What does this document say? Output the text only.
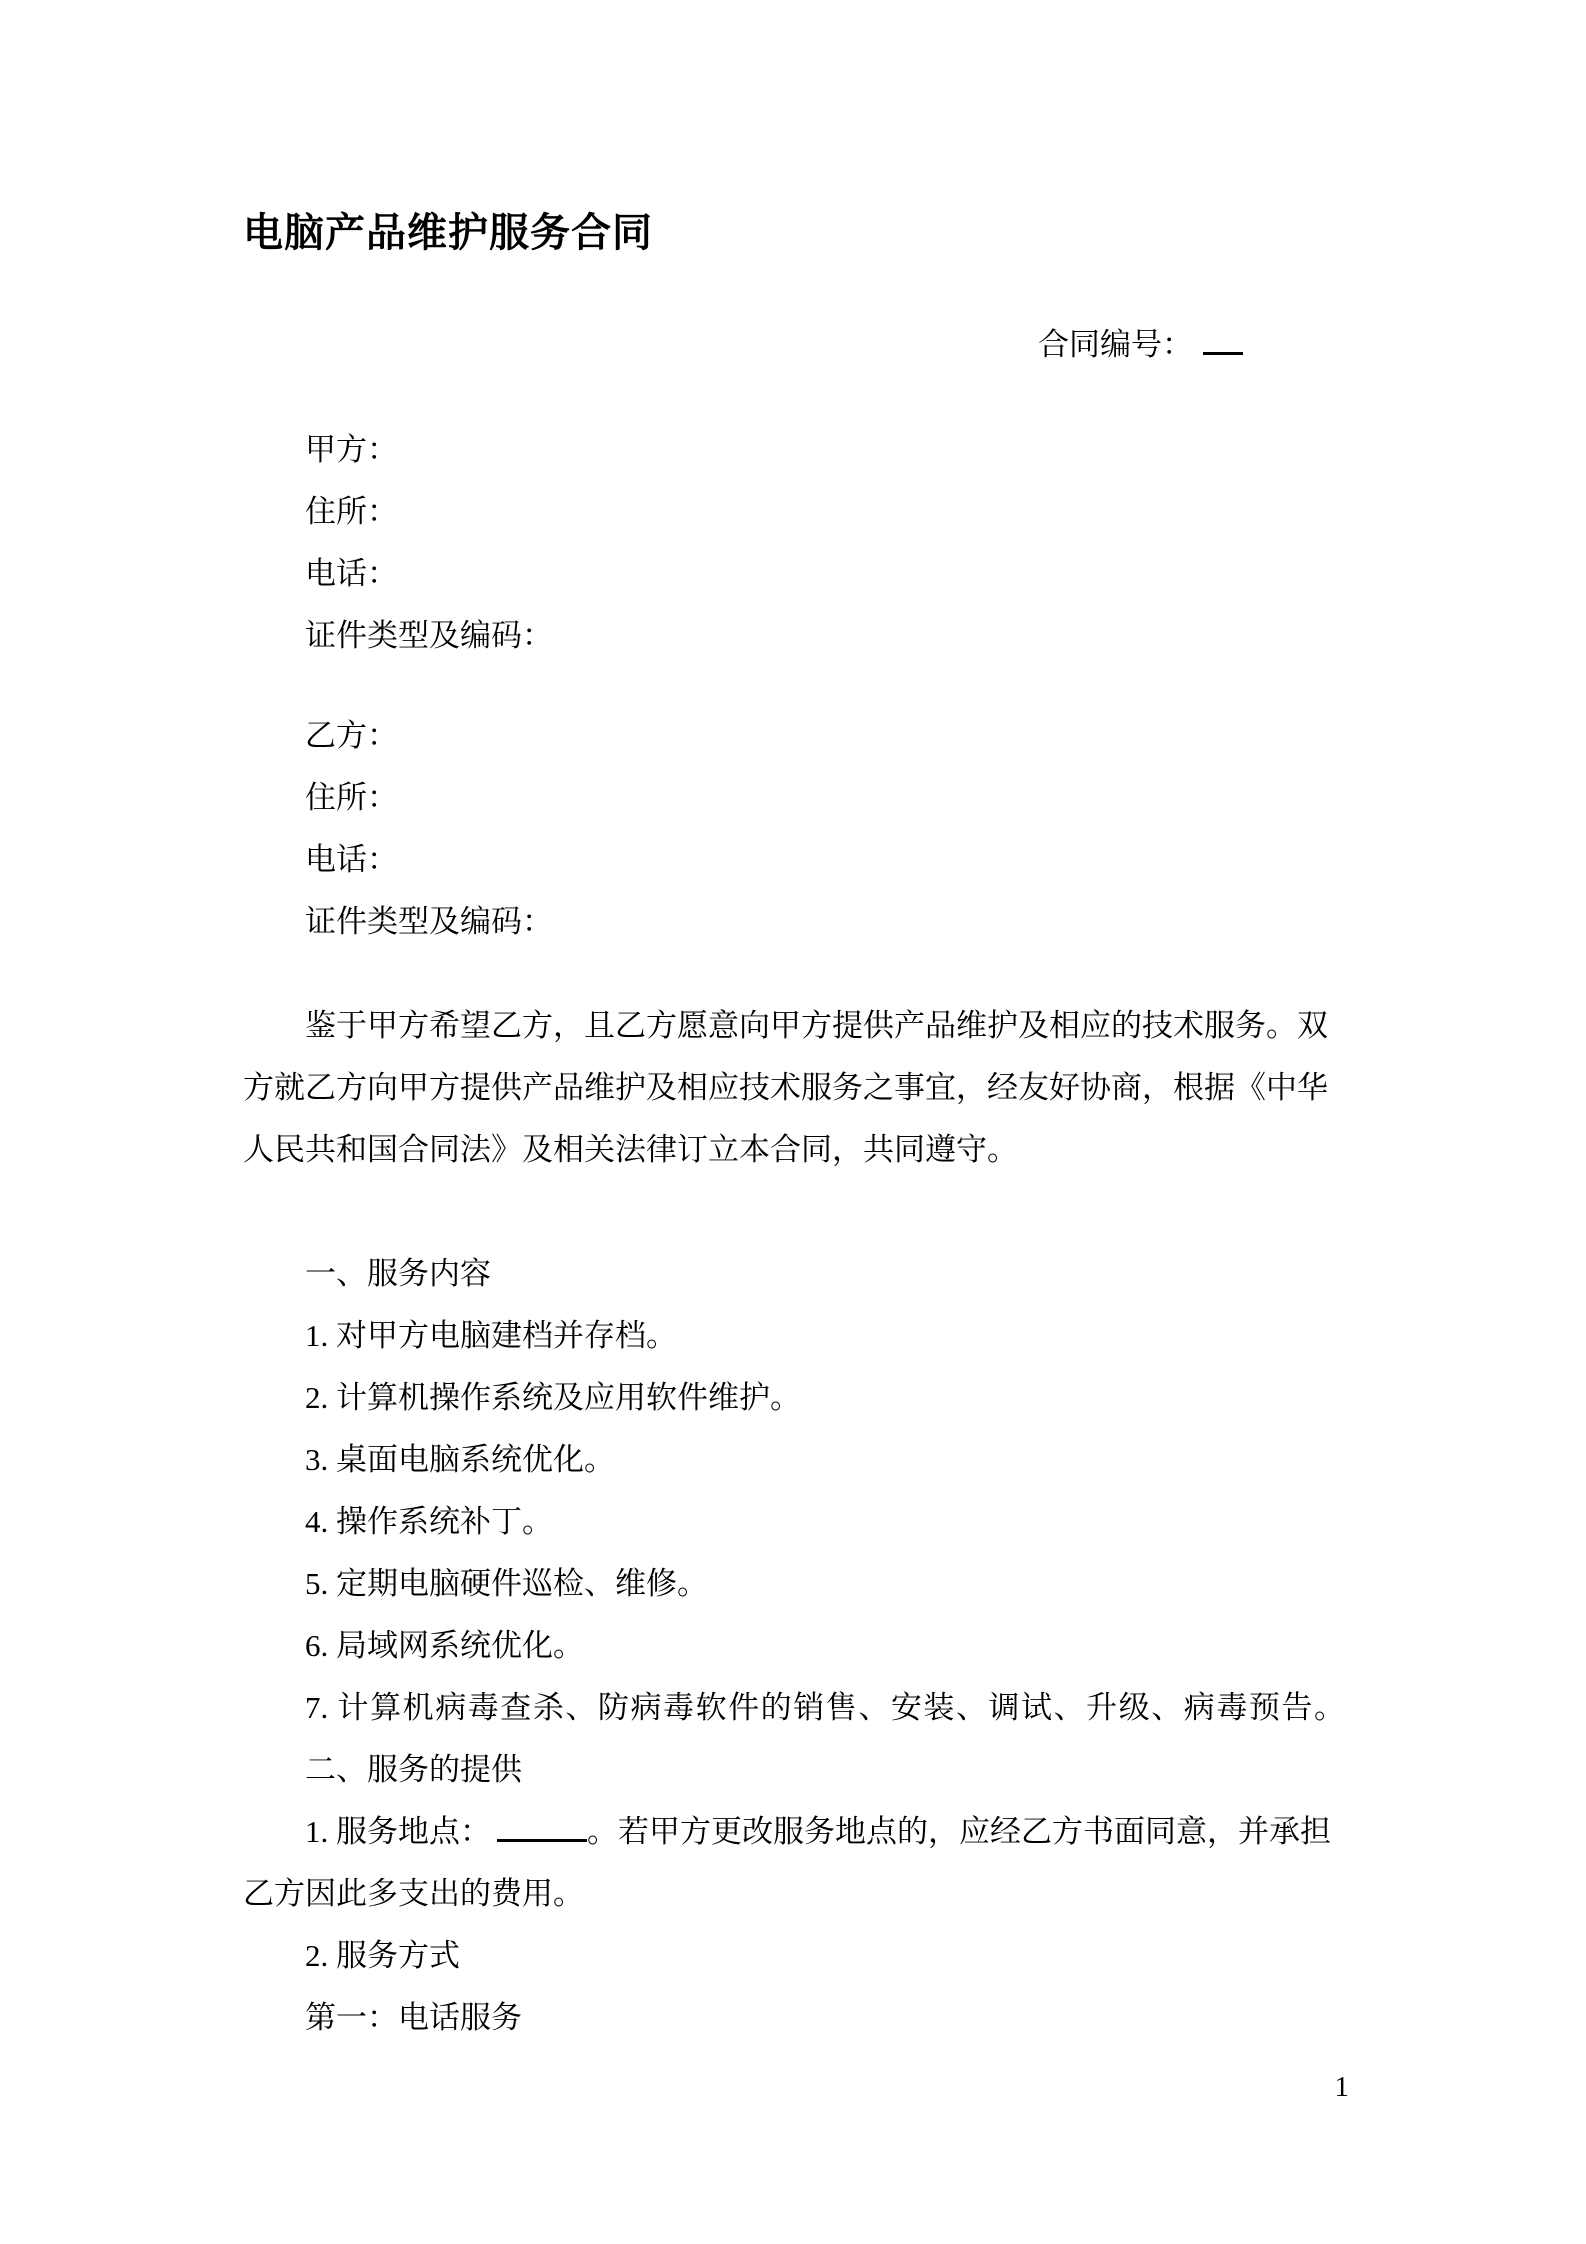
电脑产品维护服务合同
合同编号：
甲方：
住所：
电话：
证件类型及编码：
乙方：
住所：
电话：
证件类型及编码：
鉴于甲方希望乙方，且乙方愿意向甲方提供产品维护及相应的技术服务。双
方就乙方向甲方提供产品维护及相应技术服务之事宜，经友好协商，根据《中华
人民共和国合同法》及相关法律订立本合同，共同遵守。
一、服务内容
1. 对甲方电脑建档并存档。
2. 计算机操作系统及应用软件维护。
3. 桌面电脑系统优化。
4. 操作系统补丁。
5. 定期电脑硬件巡检、维修。
6. 局域网系统优化。
7. 计算机病毒查杀、防病毒软件的销售、安装、调试、升级、病毒预告。
二、服务的提供
1. 服务地点：	。若甲方更改服务地点的，应经乙方书面同意，并承担
乙方因此多支出的费用。
2. 服务方式
第一：电话服务
1
